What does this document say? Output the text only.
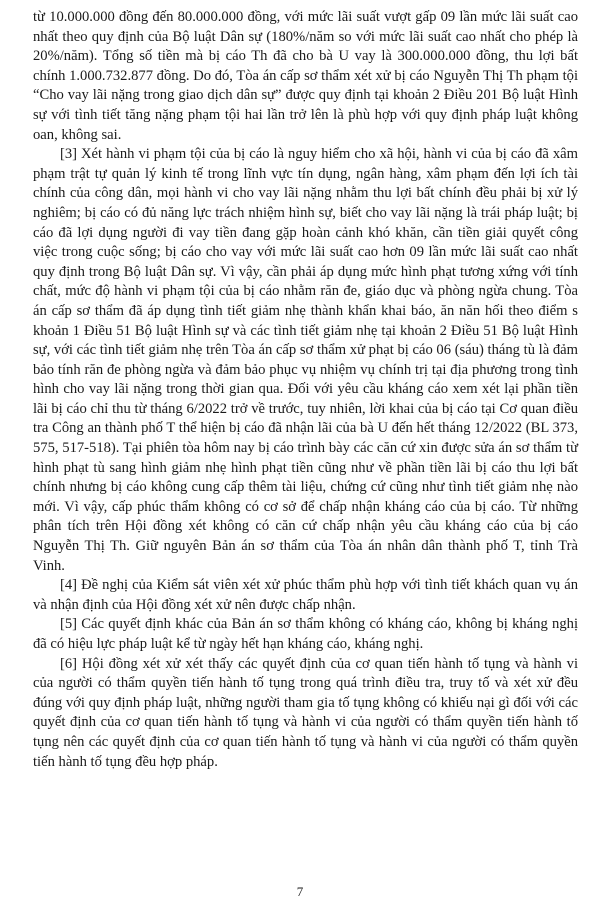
từ 10.000.000 đồng đến 80.000.000 đồng, với mức lãi suất vượt gấp 09 lần mức lãi suất cao nhất theo quy định của Bộ luật Dân sự (180%/năm so với mức lãi suất cao nhất cho phép là 20%/năm). Tổng số tiền mà bị cáo Th đã cho bà U vay là 300.000.000 đồng, thu lợi bất chính 1.000.732.877 đồng. Do đó, Tòa án cấp sơ thẩm xét xử bị cáo Nguyễn Thị Th phạm tội “Cho vay lãi nặng trong giao dịch dân sự” được quy định tại khoản 2 Điều 201 Bộ luật Hình sự với tình tiết tăng nặng phạm tội hai lần trở lên là phù hợp với quy định pháp luật không oan, không sai.

[3] Xét hành vi phạm tội của bị cáo là nguy hiểm cho xã hội, hành vi của bị cáo đã xâm phạm trật tự quản lý kinh tế trong lĩnh vực tín dụng, ngân hàng, xâm phạm đến lợi ích tài chính của công dân, mọi hành vi cho vay lãi nặng nhằm thu lợi bất chính đều phải bị xử lý nghiêm; bị cáo có đủ năng lực trách nhiệm hình sự, biết cho vay lãi nặng là trái pháp luật; bị cáo đã lợi dụng người đi vay tiền đang gặp hoàn cảnh khó khăn, cần tiền giải quyết công việc trong cuộc sống; bị cáo cho vay với mức lãi suất cao hơn 09 lần mức lãi suất cao nhất quy định trong Bộ luật Dân sự. Vì vậy, cần phải áp dụng mức hình phạt tương xứng với tính chất, mức độ hành vi phạm tội của bị cáo nhằm răn đe, giáo dục và phòng ngừa chung. Tòa án cấp sơ thẩm đã áp dụng tình tiết giảm nhẹ thành khẩn khai báo, ăn năn hối theo điểm s khoản 1 Điều 51 Bộ luật Hình sự và các tình tiết giảm nhẹ tại khoản 2 Điều 51 Bộ luật Hình sự, với các tình tiết giảm nhẹ trên Tòa án cấp sơ thẩm xử phạt bị cáo 06 (sáu) tháng tù là đảm bảo tính răn đe phòng ngừa và đảm bảo phục vụ nhiệm vụ chính trị tại địa phương trong tình hình cho vay lãi nặng trong thời gian qua. Đối với yêu cầu kháng cáo xem xét lại phần tiền lãi bị cáo chỉ thu từ tháng 6/2022 trở về trước, tuy nhiên, lời khai của bị cáo tại Cơ quan điều tra Công an thành phố T thể hiện bị cáo đã nhận lãi của bà U đến hết tháng 12/2022 (BL 373, 575, 517-518). Tại phiên tòa hôm nay bị cáo trình bày các căn cứ xin được sửa án sơ thẩm từ hình phạt tù sang hình giảm nhẹ hình phạt tiền cũng như về phần tiền lãi bị cáo thu lợi bất chính nhưng bị cáo không cung cấp thêm tài liệu, chứng cứ cũng như tình tiết giảm nhẹ nào mới. Vì vậy, cấp phúc thẩm không có cơ sở để chấp nhận kháng cáo của bị cáo. Từ những phân tích trên Hội đồng xét không có căn cứ chấp nhận yêu cầu kháng cáo của bị cáo Nguyễn Thị Th. Giữ nguyên Bản án sơ thẩm của Tòa án nhân dân thành phố T, tỉnh Trà Vinh.

[4] Đề nghị của Kiểm sát viên xét xử phúc thẩm phù hợp với tình tiết khách quan vụ án và nhận định của Hội đồng xét xử nên được chấp nhận.

[5] Các quyết định khác của Bản án sơ thẩm không có kháng cáo, không bị kháng nghị đã có hiệu lực pháp luật kể từ ngày hết hạn kháng cáo, kháng nghị.

[6] Hội đồng xét xử xét thấy các quyết định của cơ quan tiến hành tố tụng và hành vi của người có thẩm quyền tiến hành tố tụng trong quá trình điều tra, truy tố và xét xử đều đúng với quy định pháp luật, những người tham gia tố tụng không có khiếu nại gì đối với các quyết định của cơ quan tiến hành tố tụng và hành vi của người có thẩm quyền tiến hành tố tụng nên các quyết định của cơ quan tiến hành tố tụng và hành vi của người có thẩm quyền tiến hành tố tụng đều hợp pháp.

7
